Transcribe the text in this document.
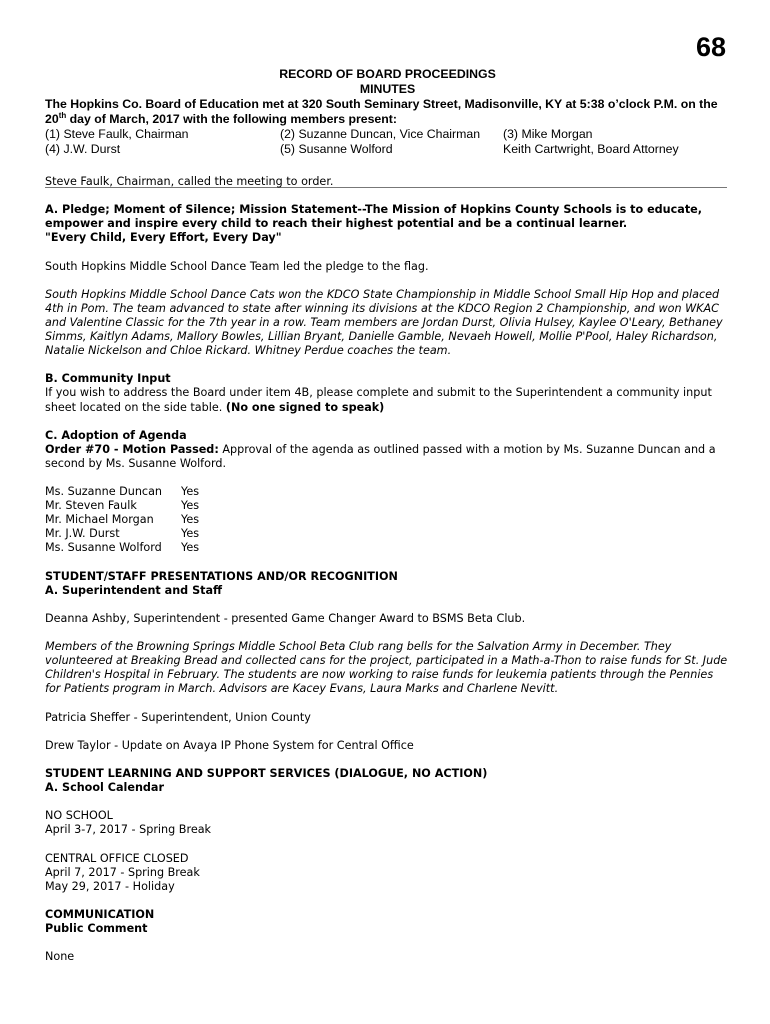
68
RECORD OF BOARD PROCEEDINGS
MINUTES
The Hopkins Co. Board of Education met at 320 South Seminary Street, Madisonville, KY at 5:38 o’clock P.M. on the 20th day of March, 2017 with the following members present:
(1) Steve Faulk, Chairman	(2) Suzanne Duncan, Vice Chairman	(3) Mike Morgan
(4) J.W. Durst	(5) Susanne Wolford	Keith Cartwright, Board Attorney

Steve Faulk, Chairman, called the meeting to order.

A. Pledge; Moment of Silence; Mission Statement--The Mission of Hopkins County Schools is to educate, empower and inspire every child to reach their highest potential and be a continual learner.
"Every Child, Every Effort, Every Day"

South Hopkins Middle School Dance Team led the pledge to the flag.

South Hopkins Middle School Dance Cats won the KDCO State Championship in Middle School Small Hip Hop and placed 4th in Pom. The team advanced to state after winning its divisions at the KDCO Region 2 Championship, and won WKAC and Valentine Classic for the 7th year in a row. Team members are Jordan Durst, Olivia Hulsey, Kaylee O'Leary, Bethaney Simms, Kaitlyn Adams, Mallory Bowles, Lillian Bryant, Danielle Gamble, Nevaeh Howell, Mollie P'Pool, Haley Richardson, Natalie Nickelson and Chloe Rickard. Whitney Perdue coaches the team.

B. Community Input
If you wish to address the Board under item 4B, please complete and submit to the Superintendent a community input sheet located on the side table. (No one signed to speak)

C. Adoption of Agenda
Order #70 - Motion Passed: Approval of the agenda as outlined passed with a motion by Ms. Suzanne Duncan and a second by Ms. Susanne Wolford.

Ms. Suzanne Duncan	Yes
Mr. Steven Faulk	Yes
Mr. Michael Morgan	Yes
Mr. J.W. Durst	Yes
Ms. Susanne Wolford	Yes

STUDENT/STAFF PRESENTATIONS AND/OR RECOGNITION
A. Superintendent and Staff

Deanna Ashby, Superintendent - presented Game Changer Award to BSMS Beta Club.

Members of the Browning Springs Middle School Beta Club rang bells for the Salvation Army in December. They volunteered at Breaking Bread and collected cans for the project, participated in a Math-a-Thon to raise funds for St. Jude Children's Hospital in February. The students are now working to raise funds for leukemia patients through the Pennies for Patients program in March. Advisors are Kacey Evans, Laura Marks and Charlene Nevitt.

Patricia Sheffer - Superintendent, Union County

Drew Taylor - Update on Avaya IP Phone System for Central Office

STUDENT LEARNING AND SUPPORT SERVICES (DIALOGUE, NO ACTION)
A. School Calendar

NO SCHOOL
April 3-7, 2017 - Spring Break

CENTRAL OFFICE CLOSED
April 7, 2017 - Spring Break
May 29, 2017 - Holiday

COMMUNICATION
Public Comment

None
